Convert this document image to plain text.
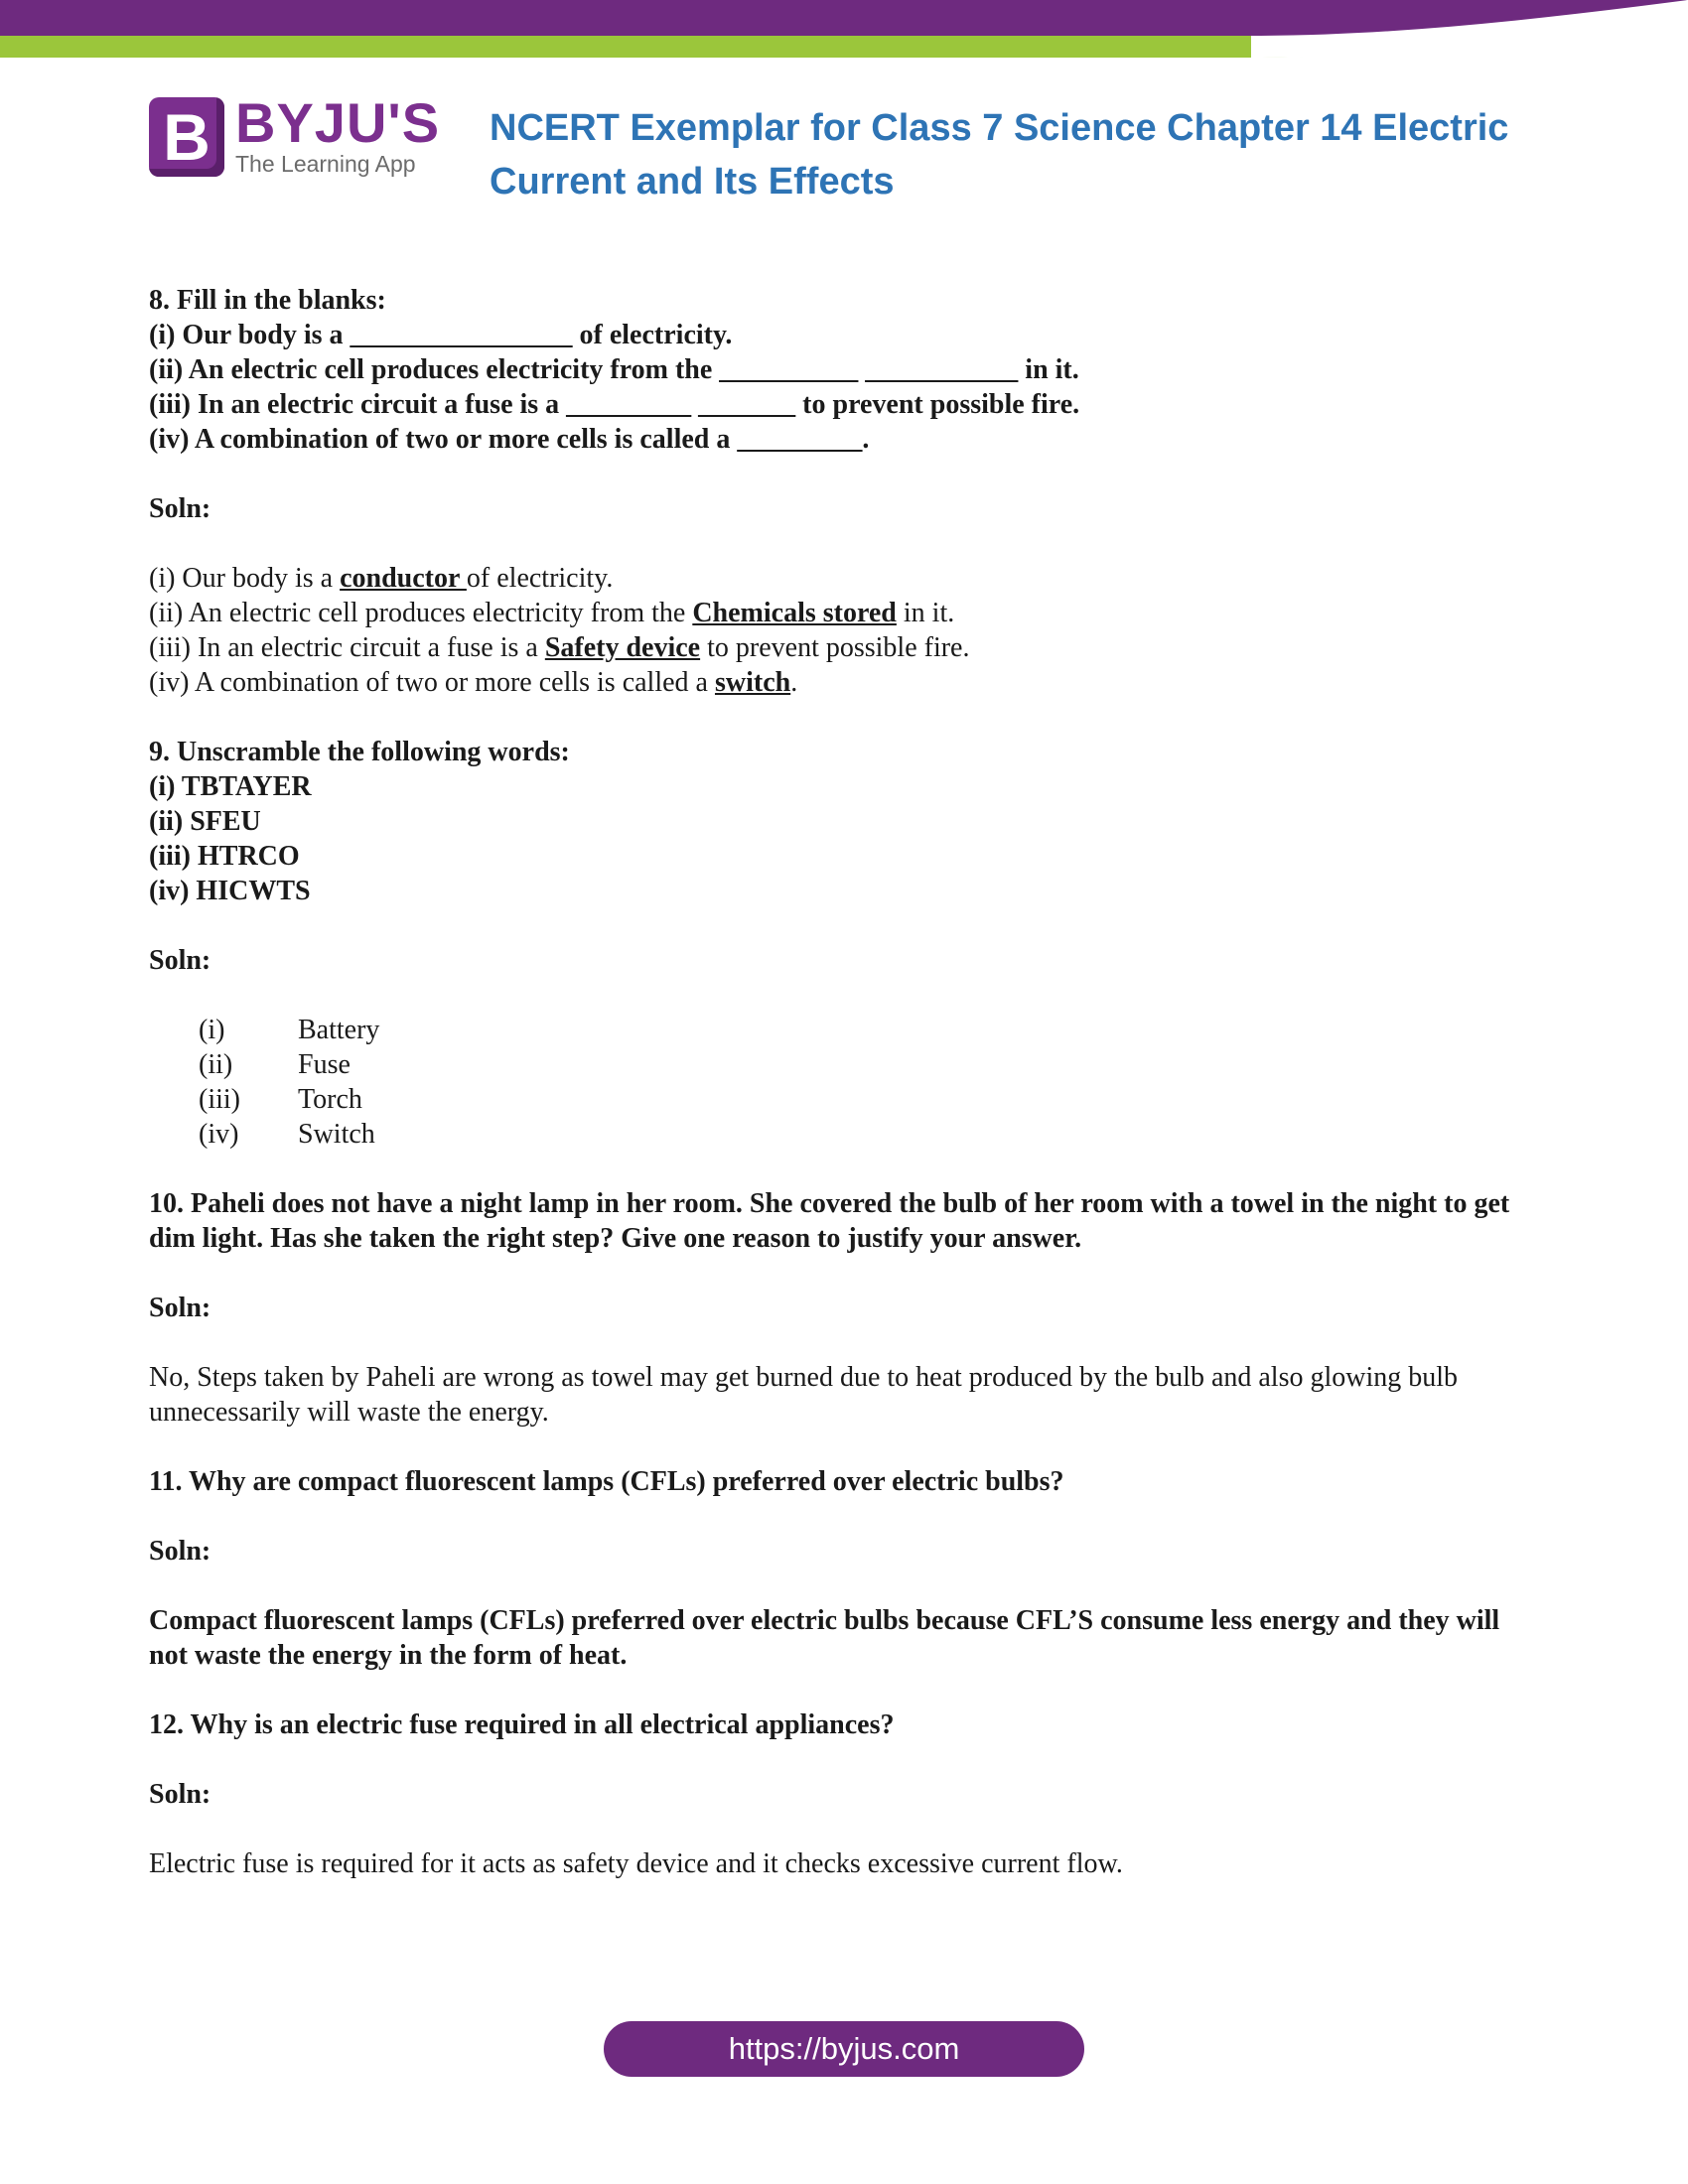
B BYJU'S
The Learning App
NCERT Exemplar for Class 7 Science Chapter 14 Electric Current and Its Effects

8. Fill in the blanks:

(i) Our body is a ________________ of electricity.

(ii) An electric cell produces electricity from the __________ ___________ in it.

(iii) In an electric circuit a fuse is a _________ _______ to prevent possible fire.

(iv) A combination of two or more cells is called a _________.

Soln:

(i) Our body is a conductor of electricity.

(ii) An electric cell produces electricity from the Chemicals stored in it.

(iii) In an electric circuit a fuse is a Safety device to prevent possible fire.

(iv) A combination of two or more cells is called a switch.

9. Unscramble the following words:

(i) TBTAYER

(ii) SFEU

(iii) HTRCO

(iv) HICWTS

Soln:

(i)	Battery
(ii) Fuse
(iii) Torch
(iv) Switch

10. Paheli does not have a night lamp in her room. She covered the bulb of her room with a towel in the night to get dim light. Has she taken the right step? Give one reason to justify your answer.

Soln:

No, Steps taken by Paheli are wrong as towel may get burned due to heat produced by the bulb and also glowing bulb unnecessarily will waste the energy.

11. Why are compact fluorescent lamps (CFLs) preferred over electric bulbs?

Soln:

Compact fluorescent lamps (CFLs) preferred over electric bulbs because CFL’S consume less energy and they will not waste the energy in the form of heat.

12. Why is an electric fuse required in all electrical appliances?

Soln:

Electric fuse is required for it acts as safety device and it checks excessive current flow.

https://byjus.com
